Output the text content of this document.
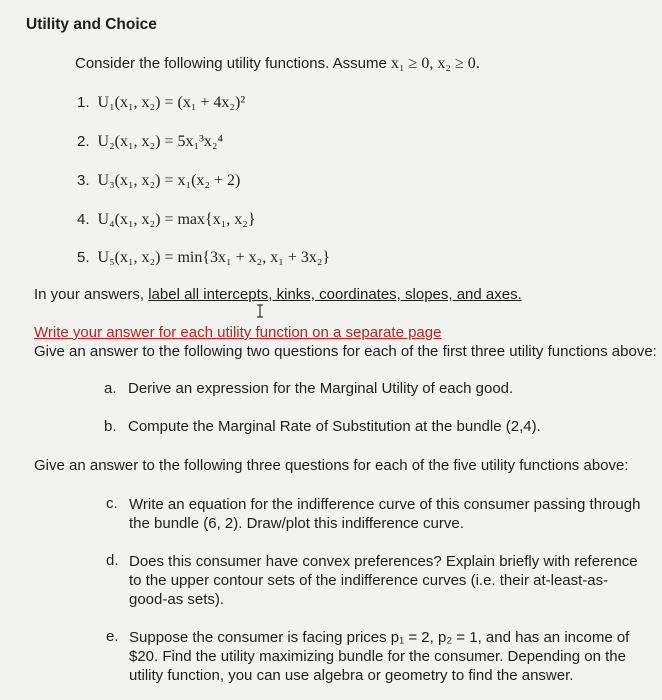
Utility and Choice
Consider the following utility functions. Assume x₁ ≥ 0, x₂ ≥ 0.
1. U₁(x₁, x₂) = (x₁ + 4x₂)²
2. U₂(x₁, x₂) = 5x₁³x₂⁴
3. U₃(x₁, x₂) = x₁(x₂ + 2)
4. U₄(x₁, x₂) = max{x₁, x₂}
5. U₅(x₁, x₂) = min{3x₁ + x₂, x₁ + 3x₂}
In your answers, label all intercepts, kinks, coordinates, slopes, and axes.
Write your answer for each utility function on a separate page
Give an answer to the following two questions for each of the first three utility functions above:
a. Derive an expression for the Marginal Utility of each good.
b. Compute the Marginal Rate of Substitution at the bundle (2,4).
Give an answer to the following three questions for each of the five utility functions above:
c. Write an equation for the indifference curve of this consumer passing through the bundle (6, 2). Draw/plot this indifference curve.
d. Does this consumer have convex preferences? Explain briefly with reference to the upper contour sets of the indifference curves (i.e. their at-least-as-good-as sets).
e. Suppose the consumer is facing prices p₁ = 2, p₂ = 1, and has an income of $20. Find the utility maximizing bundle for the consumer. Depending on the utility function, you can use algebra or geometry to find the answer.
